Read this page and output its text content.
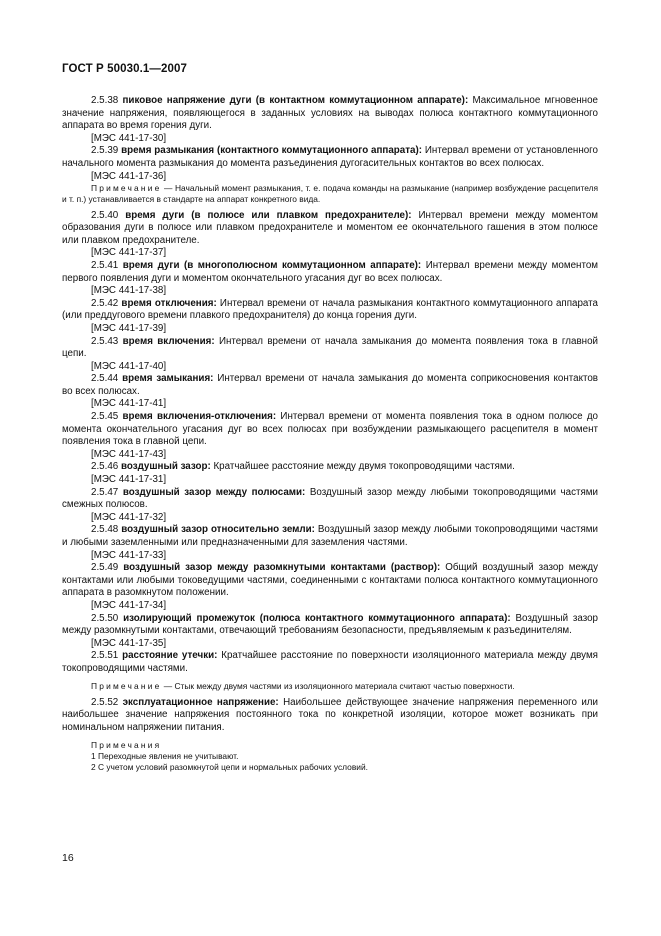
ГОСТ Р 50030.1—2007

2.5.38 пиковое напряжение дуги (в контактном коммутационном аппарате): Максимальное мгновенное значение напряжения, появляющегося в заданных условиях на выводах полюса контактного коммутационного аппарата во время горения дуги.

[МЭС 441-17-30]

2.5.39 время размыкания (контактного коммутационного аппарата): Интервал времени от установленного начального момента размыкания до момента разъединения дугогасительных контактов во всех полюсах.

[МЭС 441-17-36]

Примечание — Начальный момент размыкания, т. е. подача команды на размыкание (например возбуждение расцепителя и т. п.) устанавливается в стандарте на аппарат конкретного вида.

2.5.40 время дуги (в полюсе или плавком предохранителе): Интервал времени между моментом образования дуги в полюсе или плавком предохранителе и моментом ее окончательного гашения в этом полюсе или плавком предохранителе.

[МЭС 441-17-37]

2.5.41 время дуги (в многополюсном коммутационном аппарате): Интервал времени между моментом первого появления дуги и моментом окончательного угасания дуг во всех полюсах.

[МЭС 441-17-38]

2.5.42 время отключения: Интервал времени от начала размыкания контактного коммутационного аппарата (или преддугового времени плавкого предохранителя) до конца горения дуги.

[МЭС 441-17-39]

2.5.43 время включения: Интервал времени от начала замыкания до момента появления тока в главной цепи.

[МЭС 441-17-40]

2.5.44 время замыкания: Интервал времени от начала замыкания до момента соприкосновения контактов во всех полюсах.

[МЭС 441-17-41]

2.5.45 время включения-отключения: Интервал времени от момента появления тока в одном полюсе до момента окончательного угасания дуг во всех полюсах при возбуждении размыкающего расцепителя в момент появления тока в главной цепи.

[МЭС 441-17-43]

2.5.46 воздушный зазор: Кратчайшее расстояние между двумя токопроводящими частями.

[МЭС 441-17-31]

2.5.47 воздушный зазор между полюсами: Воздушный зазор между любыми токопроводящими частями смежных полюсов.

[МЭС 441-17-32]

2.5.48 воздушный зазор относительно земли: Воздушный зазор между любыми токопроводящими частями и любыми заземленными или предназначенными для заземления частями.

[МЭС 441-17-33]

2.5.49 воздушный зазор между разомкнутыми контактами (раствор): Общий воздушный зазор между контактами или любыми токоведущими частями, соединенными с контактами полюса контактного коммутационного аппарата в разомкнутом положении.

[МЭС 441-17-34]

2.5.50 изолирующий промежуток (полюса контактного коммутационного аппарата): Воздушный зазор между разомкнутыми контактами, отвечающий требованиям безопасности, предъявляемым к разъединителям.

[МЭС 441-17-35]

2.5.51 расстояние утечки: Кратчайшее расстояние по поверхности изоляционного материала между двумя токопроводящими частями.

Примечание — Стык между двумя частями из изоляционного материала считают частью поверхности.

2.5.52 эксплуатационное напряжение: Наибольшее действующее значение напряжения переменного или наибольшее значение напряжения постоянного тока по конкретной изоляции, которое может возникать при номинальном напряжении питания.

Примечания

1 Переходные явления не учитывают.

2 С учетом условий разомкнутой цепи и нормальных рабочих условий.

16
